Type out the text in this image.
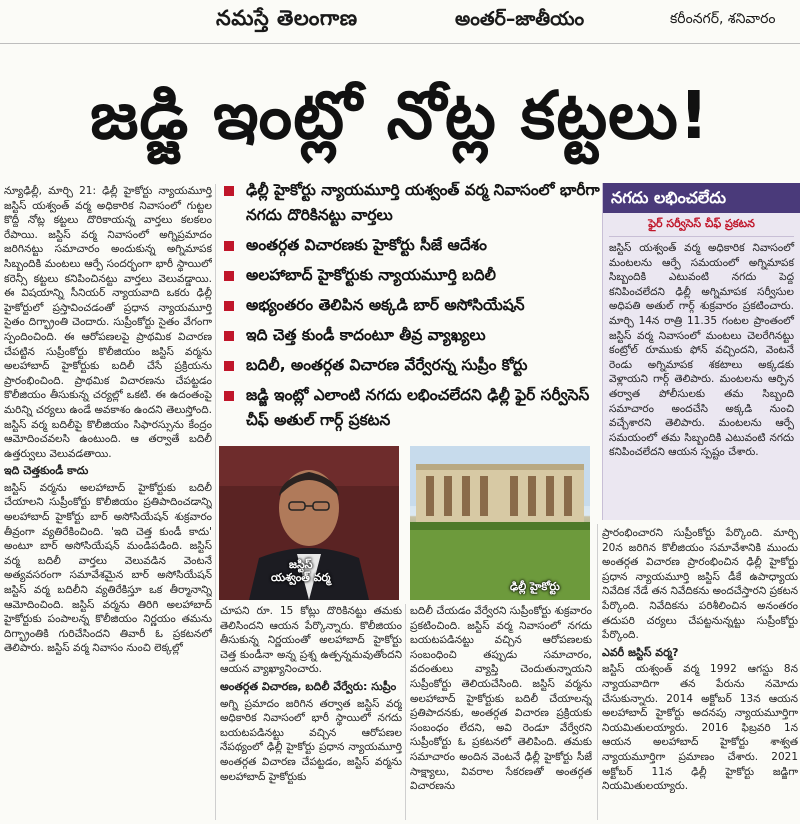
నమస్తే తెలంగాణ	అంతర్–జాతీయం	కరీంనగర్, శనివారం
జడ్జి ఇంట్లో నోట్ల కట్టలు!

న్యూఢిల్లీ, మార్చి 21: ఢిల్లీ హైకోర్టు న్యాయమూర్తి జస్టిస్ యశ్వంత్ వర్మ అధికారిక నివాసంలో గుట్టల కొద్దీ నోట్ల కట్టలు దొరికాయన్న వార్తలు కలకలం రేపాయి. జస్టిస్ వర్మ నివాసంలో అగ్నిప్రమాదం జరిగినట్టు సమాచారం అందుకున్న అగ్నిమాపక సిబ్బందికి మంటలు ఆర్పే సందర్భంగా భారీ స్థాయిలో కరెన్సీ కట్టలు కనిపించినట్టు వార్తలు వెలువడ్డాయి. ఈ విషయాన్ని సీనియర్ న్యాయవాది ఒకరు ఢిల్లీ హైకోర్టులో ప్రస్తావించడంతో ప్రధాన న్యాయమూర్తి సైతం దిగ్భ్రాంతి చెందారు. సుప్రీంకోర్టు సైతం వేగంగా స్పందించింది. ఈ ఆరోపణలపై ప్రాథమిక విచారణ చేపట్టిన సుప్రీంకోర్టు కొలీజియం జస్టిస్ వర్మను అలహాబాద్ హైకోర్టుకు బదిలీ చేసే ప్రక్రియను ప్రారంభించింది. ప్రాథమిక విచారణను చేపట్టడం కొలీజియం తీసుకున్న చర్యల్లో ఒకటి. ఈ ఉదంతంపై మరిన్ని చర్యలు ఉండే అవకాశం ఉందని తెలుస్తోంది. జస్టిస్ వర్మ బదిలీపై కొలీజియం సిఫారస్సును కేంద్రం ఆమోదించవలసి ఉంటుంది. ఆ తర్వాతే బదిలీ ఉత్తర్వులు వెలువడతాయి.

ఇది చెత్తకుండీ కాదు

జస్టిస్ వర్మను అలహాబాద్ హైకోర్టుకు బదిలీ చేయాలని సుప్రీంకోర్టు కొలీజియం ప్రతిపాదించడాన్ని అలహాబాద్ హైకోర్టు బార్ అసోసియేషన్ శుక్రవారం తీవ్రంగా వ్యతిరేకించింది. 'ఇది చెత్త కుండీ కాదు' అంటూ బార్ అసోసియేషన్ మండిపడింది. జస్టిస్ వర్మ బదిలీ వార్తలు వెలువడిన వెంటనే అత్యవసరంగా సమావేశమైన బార్ అసోసియేషన్ జస్టిస్ వర్మ బదిలీని వ్యతిరేకిస్తూ ఒక తీర్మానాన్ని ఆమోదించింది. జస్టిస్ వర్మను తిరిగి అలహాబాద్ హైకోర్టుకు పంపాలన్న కొలీజియం నిర్ణయం తమను దిగ్భ్రాంతికి గురిచేసిందని తివారీ ఓ ప్రకటనలో తెలిపారు. జస్టిస్ వర్మ నివాసం నుంచి లెక్కల్లో

ఢిల్లీ హైకోర్టు న్యాయమూర్తి యశ్వంత్ వర్మ నివాసంలో భారీగా నగదు దొరికినట్టు వార్తలు
అంతర్గత విచారణకు హైకోర్టు సీజే ఆదేశం
అలహాబాద్ హైకోర్టుకు న్యాయమూర్తి బదిలీ
అభ్యంతరం తెలిపిన అక్కడి బార్ అసోసియేషన్
ఇది చెత్త కుండీ కాదంటూ తీవ్ర వ్యాఖ్యలు
బదిలీ, అంతర్గత విచారణ వేర్వేరన్న సుప్రీం కోర్టు
జడ్జి ఇంట్లో ఎలాంటి నగదు లభించలేదని ఢిల్లీ ఫైర్ సర్వీసెస్ చీఫ్ అతుల్ గార్గ్ ప్రకటన
జస్టిస్
యశ్వంత్ వర్మ
ఢిల్లీ హైకోర్టు

చూపని రూ. 15 కోట్లు దొరికినట్టు తమకు తెలిసిందని ఆయన పేర్కొన్నారు. కొలీజియం తీసుకున్న నిర్ణయంతో అలహాబాద్ హైకోర్టు చెత్త కుండీనా అన్న ప్రశ్న ఉత్పన్నమవుతోందని ఆయన వ్యాఖ్యానించారు.

అంతర్గత విచారణ, బదిలీ వేర్వేరు: సుప్రీం

అగ్ని ప్రమాదం జరిగిన తర్వాత జస్టిస్ వర్మ అధికారిక నివాసంలో భారీ స్థాయిలో నగదు బయటపడినట్టు వచ్చిన ఆరోపణల నేపథ్యంలో ఢిల్లీ హైకోర్టు ప్రధాన న్యాయమూర్తి అంతర్గత విచారణ చేపట్టడం, జస్టిస్ వర్మను అలహాబాద్ హైకోర్టుకు

బదిలీ చేయడం వేర్వేరని సుప్రీంకోర్టు శుక్రవారం ప్రకటించింది. జస్టిస్ వర్మ నివాసంలో నగదు బయటపడినట్టు వచ్చిన ఆరోపణలకు సంబంధించి తప్పుడు సమాచారం, వదంతులు వ్యాప్తి చెందుతున్నాయని సుప్రీంకోర్టు తెలియచేసింది. జస్టిస్ వర్మను అలహాబాద్ హైకోర్టుకు బదిలీ చేయాలన్న ప్రతిపాదనకు, అంతర్గత విచారణ ప్రక్రియకు సంబంధం లేదని, అవి రెండూ వేర్వేరని సుప్రీంకోర్టు ఓ ప్రకటనలో తెలిపింది. తమకు సమాచారం అందిన వెంటనే ఢిల్లీ హైకోర్టు సీజే సాక్ష్యాలు, వివరాల సేకరణతో అంతర్గత విచారణను

నగదు లభించలేదు
ఫైర్ సర్వీసెస్ చీఫ్ ప్రకటన
జస్టిస్ యశ్వంత్ వర్మ అధికారిక నివాసంలో మంటలను ఆర్పే సమయంలో అగ్నిమాపక సిబ్బందికి ఎటువంటి నగదు పెద్ద కనిపించలేదని ఢిల్లీ అగ్నిమాపక సర్వీసుల అధిపతి అతుల్ గార్గ్ శుక్రవారం ప్రకటించారు. మార్చి 14న రాత్రి 11.35 గంటల ప్రాంతంలో జస్టిస్ వర్మ నివాసంలో మంటలు చెలరేగినట్టు కంట్రోల్ రూముకు ఫోన్ వచ్చిందని, వెంటనే రెండు అగ్నిమాపక శకటాలు అక్కడకు వెళ్లాయని గార్గ్ తెలిపారు. మంటలను ఆర్పిన తర్వాత పోలీసులకు తమ సిబ్బంది సమాచారం అందచేసి అక్కడి నుంచి వచ్చేశారని తెలిపారు. మంటలను ఆర్పే సమయంలో తమ సిబ్బందికి ఎటువంటి నగదు కనిపించలేదని ఆయన స్పష్టం చేశారు.

ప్రారంభించారని సుప్రీంకోర్టు పేర్కొంది. మార్చి 20న జరిగిన కొలీజియం సమావేశానికి ముందు అంతర్గత విచారణ ప్రారంభించిన ఢిల్లీ హైకోర్టు ప్రధాన న్యాయమూర్తి జస్టిస్ డీకే ఉపాధ్యాయ నివేదిక నేడే తన నివేదికను అందచేస్తారని ప్రకటన పేర్కొంది. నివేదికను పరిశీలించిన అనంతరం తదుపరి చర్యలు చేపట్టనున్నట్టు సుప్రీంకోర్టు పేర్కొంది.

ఎవరీ జస్టిస్ వర్మ?

జస్టిస్ యశ్వంత్ వర్మ 1992 ఆగస్టు 8న న్యాయవాదిగా తన పేరును నమోదు చేసుకున్నారు. 2014 అక్టోబర్ 13న ఆయన అలహాబాద్ హైకోర్టు అదనపు న్యాయమూర్తిగా నియమితులయ్యారు. 2016 ఫిబ్రవరి 1న ఆయన అలహాబాద్ హైకోర్టు శాశ్వత న్యాయమూర్తిగా ప్రమాణం చేశారు. 2021 అక్టోబర్ 11న ఢిల్లీ హైకోర్టు జడ్జిగా నియమితులయ్యారు.
